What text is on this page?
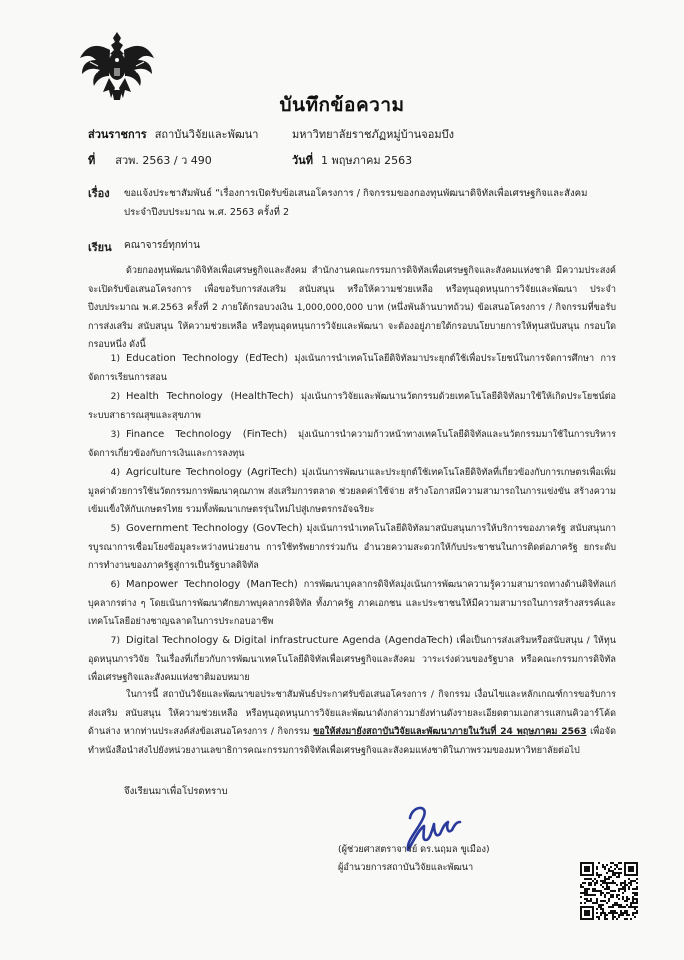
บันทึกข้อความ
ส่วนราชการ สถาบันวิจัยและพัฒนา	มหาวิทยาลัยราชภัฏหมู่บ้านจอมบึง
ที่ สวพ. 2563 / ว 490	วันที่ 1 พฤษภาคม 2563
เรื่อง ขอแจ้งประชาสัมพันธ์ “เรื่องการเปิดรับข้อเสนอโครงการ / กิจกรรมของกองทุนพัฒนาดิจิทัลเพื่อเศรษฐกิจและสังคม ประจำปีงบประมาณ พ.ศ. 2563 ครั้งที่ 2
เรียน คณาจารย์ทุกท่าน
ด้วยกองทุนพัฒนาดิจิทัลเพื่อเศรษฐกิจและสังคม สำนักงานคณะกรรมการดิจิทัลเพื่อเศรษฐกิจและสังคมแห่งชาติ มีความประสงค์จะเปิดรับข้อเสนอโครงการ เพื่อขอรับการส่งเสริม สนับสนุน หรือให้ความช่วยเหลือ หรือทุนอุดหนุนการวิจัยและพัฒนา ประจำปีงบประมาณ พ.ศ.2563 ครั้งที่ 2 ภายใต้กรอบวงเงิน 1,000,000,000 บาท (หนึ่งพันล้านบาทถ้วน) ข้อเสนอโครงการ / กิจกรรมที่ขอรับการส่งเสริม สนับสนุน ให้ความช่วยเหลือ หรือทุนอุดหนุนการวิจัยและพัฒนา จะต้องอยู่ภายใต้กรอบนโยบายการให้ทุนสนับสนุน กรอบใดกรอบหนึ่ง ดังนี้
1) Education Technology (EdTech) มุ่งเน้นการนำเทคโนโลยีดิจิทัลมาประยุกต์ใช้เพื่อประโยชน์ในการจัดการศึกษา การจัดการเรียนการสอน
2) Health Technology (HealthTech) มุ่งเน้นการวิจัยและพัฒนานวัตกรรมด้วยเทคโนโลยีดิจิทัลมาใช้ให้เกิดประโยชน์ต่อระบบสาธารณสุขและสุขภาพ
3) Finance Technology (FinTech) มุ่งเน้นการนำความก้าวหน้าทางเทคโนโลยีดิจิทัลและนวัตกรรมมาใช้ในการบริหารจัดการเกี่ยวข้องกับการเงินและการลงทุน
4) Agriculture Technology (AgriTech) มุ่งเน้นการพัฒนาและประยุกต์ใช้เทคโนโลยีดิจิทัลที่เกี่ยวข้องกับการเกษตรเพื่อเพิ่มมูลค่าด้วยการใช้นวัตกรรมการพัฒนาคุณภาพ ส่งเสริมการตลาด ช่วยลดค่าใช้จ่าย สร้างโอกาสมีความสามารถในการแข่งขัน สร้างความเข้มแข็งให้กับเกษตรไทย รวมทั้งพัฒนาเกษตรรุ่นใหม่ไปสู่เกษตรกรอัจฉริยะ
5) Government Technology (GovTech) มุ่งเน้นการนำเทคโนโลยีดิจิทัลมาสนับสนุนการให้บริการของภาครัฐ สนับสนุนการบูรณาการเชื่อมโยงข้อมูลระหว่างหน่วยงาน การใช้ทรัพยากรร่วมกัน อำนวยความสะดวกให้กับประชาชนในการติดต่อภาครัฐ ยกระดับการทำงานของภาครัฐสู่การเป็นรัฐบาลดิจิทัล
6) Manpower Technology (ManTech) การพัฒนาบุคลากรดิจิทัลมุ่งเน้นการพัฒนาความรู้ความสามารถทางด้านดิจิทัลแก่บุคลากรต่าง ๆ โดยเน้นการพัฒนาศักยภาพบุคลากรดิจิทัล ทั้งภาครัฐ ภาคเอกชน และประชาชนให้มีความสามารถในการสร้างสรรค์และเทคโนโลยีอย่างชาญฉลาดในการประกอบอาชีพ
7) Digital Technology & Digital infrastructure Agenda (AgendaTech) เพื่อเป็นการส่งเสริมหรือสนับสนุน / ให้ทุนอุดหนุนการวิจัย ในเรื่องที่เกี่ยวกับการพัฒนาเทคโนโลยีดิจิทัลเพื่อเศรษฐกิจและสังคม วาระเร่งด่วนของรัฐบาล หรือคณะกรรมการดิจิทัลเพื่อเศรษฐกิจและสังคมแห่งชาติมอบหมาย
ในการนี้ สถาบันวิจัยและพัฒนาขอประชาสัมพันธ์ประกาศรับข้อเสนอโครงการ / กิจกรรม เงื่อนไขและหลักเกณฑ์การขอรับการส่งเสริม สนับสนุน ให้ความช่วยเหลือ หรือทุนอุดหนุนการวิจัยและพัฒนาดังกล่าวมายังท่านดังรายละเอียดตามเอกสารแสกนคิวอาร์โค้ดด้านล่าง หากท่านประสงค์ส่งข้อเสนอโครงการ / กิจกรรม ขอให้ส่งมายังสถาบันวิจัยและพัฒนาภายในวันที่ 24 พฤษภาคม 2563 เพื่อจัดทำหนังสือนำส่งไปยังหน่วยงานเลขาธิการคณะกรรมการดิจิทัลเพื่อเศรษฐกิจและสังคมแห่งชาติในภาพรวมของมหาวิทยาลัยต่อไป
จึงเรียนมาเพื่อโปรดทราบ
(ผู้ช่วยศาสตราจารย์ ดร.นฤมล ขูเมือง)
ผู้อำนวยการสถาบันวิจัยและพัฒนา
